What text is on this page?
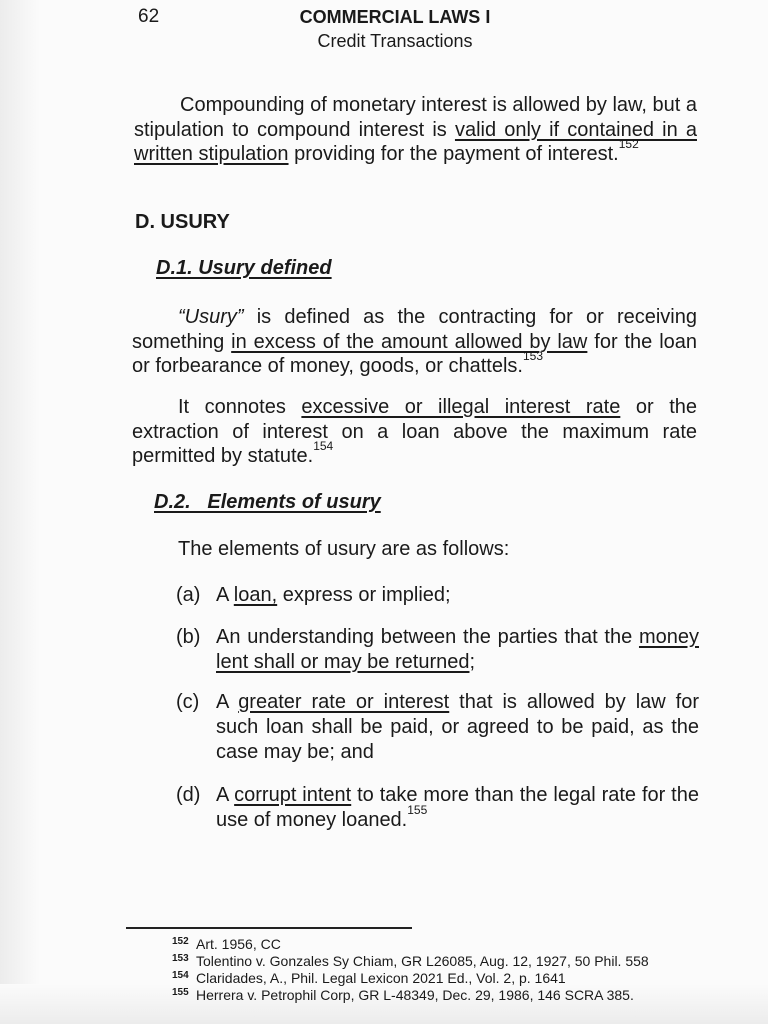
62	COMMERCIAL LAWS I
Credit Transactions
Compounding of monetary interest is allowed by law, but a stipulation to compound interest is valid only if contained in a written stipulation providing for the payment of interest.$^{152}$
D. USURY
D.1. Usury defined
“Usury” is defined as the contracting for or receiving something in excess of the amount allowed by law for the loan or forbearance of money, goods, or chattels.$^{153}$
It connotes excessive or illegal interest rate or the extraction of interest on a loan above the maximum rate permitted by statute.$^{154}$
D.2.   Elements of usury
The elements of usury are as follows:
(a) A loan, express or implied;
(b) An understanding between the parties that the money lent shall or may be returned;
(c) A greater rate or interest that is allowed by law for such loan shall be paid, or agreed to be paid, as the case may be; and
(d) A corrupt intent to take more than the legal rate for the use of money loaned.$^{155}$
152 Art. 1956, CC
153 Tolentino v. Gonzales Sy Chiam, GR L26085, Aug. 12, 1927, 50 Phil. 558
154 Claridades, A., Phil. Legal Lexicon 2021 Ed., Vol. 2, p. 1641
155 Herrera v. Petrophil Corp, GR L-48349, Dec. 29, 1986, 146 SCRA 385.
